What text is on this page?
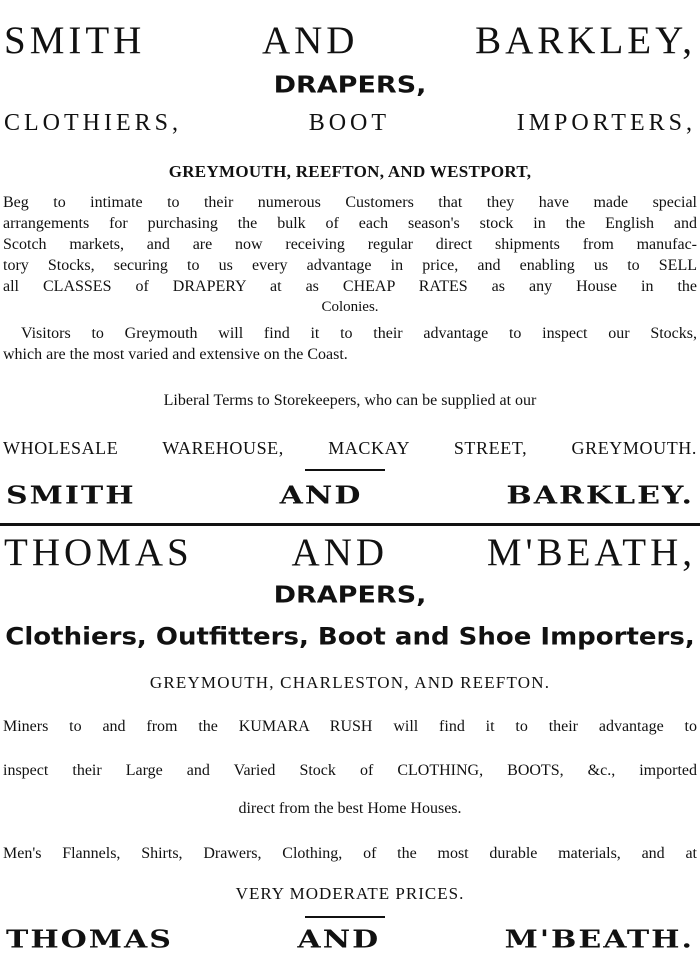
SMITH	AND	BARKLEY,
DRAPERS,
CLOTHIERS,	BOOT	IMPORTERS,
GREYMOUTH, REEFTON, AND WESTPORT,
Beg to intimate to their numerous Customers that they have made special
arrangements for purchasing the bulk of each season's stock in the English and
Scotch markets, and are now receiving regular direct shipments from manufac-
tory Stocks, securing to us every advantage in price, and enabling us to SELL
all CLASSES of DRAPERY at as CHEAP RATES as any House in the
Colonies.
Visitors to Greymouth will find it to their advantage to inspect our Stocks,
which are the most varied and extensive on the Coast.
Liberal Terms to Storekeepers, who can be supplied at our
WHOLESALE WAREHOUSE, MACKAY STREET, GREYMOUTH.
SMITH	AND	BARKLEY.
THOMAS	AND	M'BEATH,
DRAPERS,
Clothiers, Outfitters, Boot and Shoe Importers,
GREYMOUTH, CHARLESTON, AND REEFTON.
Miners to and from the KUMARA RUSH will find it to their advantage to
inspect their Large and Varied Stock of CLOTHING, BOOTS, &c., imported
direct from the best Home Houses.
Men's Flannels, Shirts, Drawers, Clothing, of the most durable materials, and at
VERY MODERATE PRICES.
THOMAS	AND	M'BEATH.
